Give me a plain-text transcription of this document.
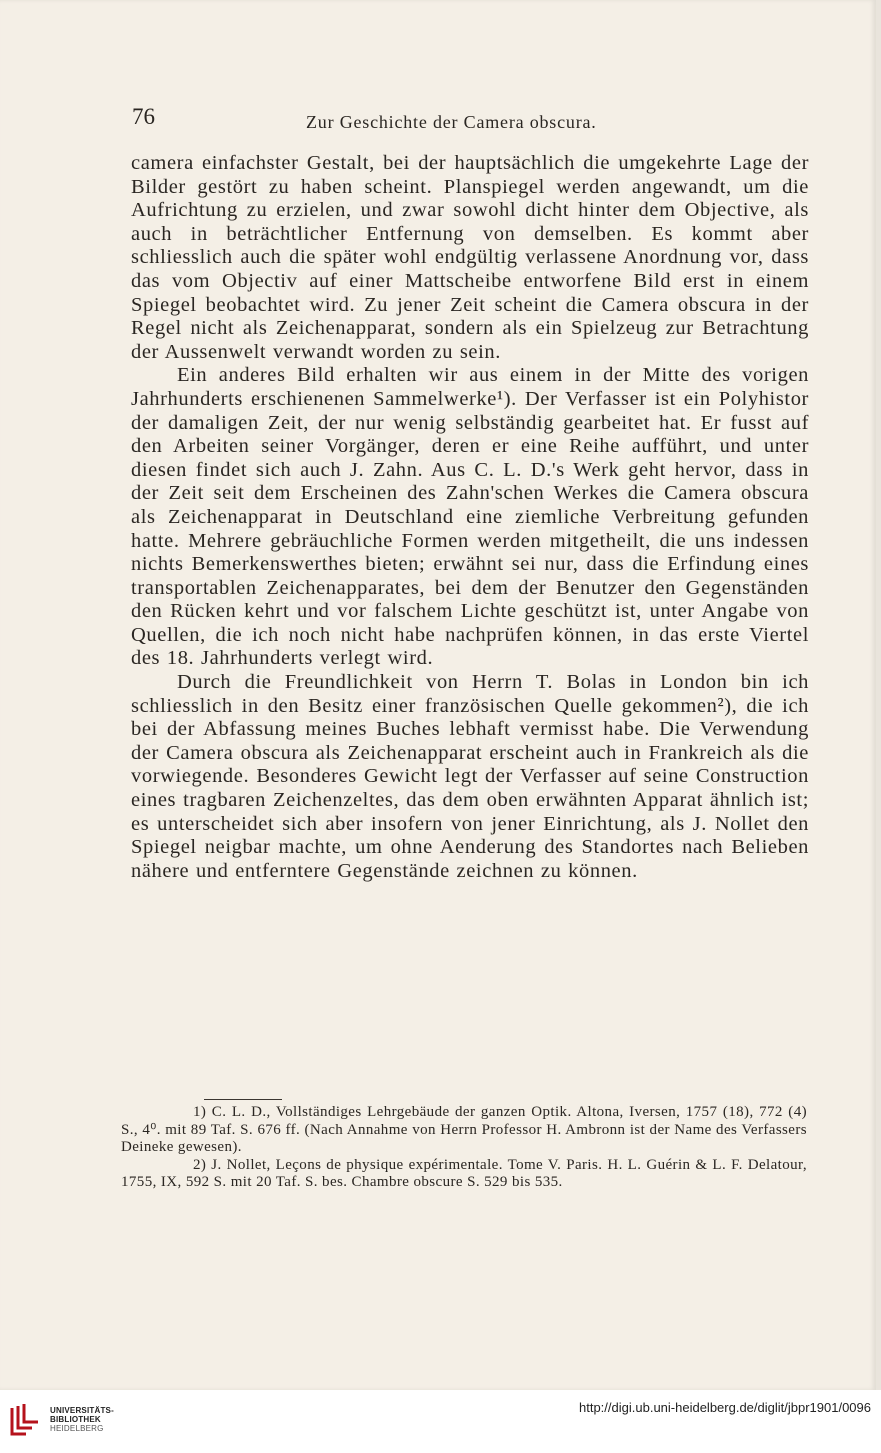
76	Zur Geschichte der Camera obscura.

camera einfachster Gestalt, bei der hauptsächlich die umgekehrte Lage der Bilder gestört zu haben scheint. Planspiegel werden angewandt, um die Aufrichtung zu erzielen, und zwar sowohl dicht hinter dem Objective, als auch in beträchtlicher Entfernung von demselben. Es kommt aber schliesslich auch die später wohl endgültig verlassene Anordnung vor, dass das vom Objectiv auf einer Mattscheibe entworfene Bild erst in einem Spiegel beobachtet wird. Zu jener Zeit scheint die Camera obscura in der Regel nicht als Zeichenapparat, sondern als ein Spielzeug zur Betrachtung der Aussenwelt verwandt worden zu sein.

Ein anderes Bild erhalten wir aus einem in der Mitte des vorigen Jahrhunderts erschienenen Sammelwerke¹). Der Verfasser ist ein Polyhistor der damaligen Zeit, der nur wenig selbständig gearbeitet hat. Er fusst auf den Arbeiten seiner Vorgänger, deren er eine Reihe aufführt, und unter diesen findet sich auch J. Zahn. Aus C. L. D.'s Werk geht hervor, dass in der Zeit seit dem Erscheinen des Zahn'schen Werkes die Camera obscura als Zeichenapparat in Deutschland eine ziemliche Verbreitung gefunden hatte. Mehrere gebräuchliche Formen werden mitgetheilt, die uns indessen nichts Bemerkenswerthes bieten; erwähnt sei nur, dass die Erfindung eines transportablen Zeichenapparates, bei dem der Benutzer den Gegenständen den Rücken kehrt und vor falschem Lichte geschützt ist, unter Angabe von Quellen, die ich noch nicht habe nachprüfen können, in das erste Viertel des 18. Jahrhunderts verlegt wird.

Durch die Freundlichkeit von Herrn T. Bolas in London bin ich schliesslich in den Besitz einer französischen Quelle gekommen²), die ich bei der Abfassung meines Buches lebhaft vermisst habe. Die Verwendung der Camera obscura als Zeichenapparat erscheint auch in Frankreich als die vorwiegende. Besonderes Gewicht legt der Verfasser auf seine Construction eines tragbaren Zeichenzeltes, das dem oben erwähnten Apparat ähnlich ist; es unterscheidet sich aber insofern von jener Einrichtung, als J. Nollet den Spiegel neigbar machte, um ohne Aenderung des Standortes nach Belieben nähere und entferntere Gegenstände zeichnen zu können.

1) C. L. D., Vollständiges Lehrgebäude der ganzen Optik. Altona, Iversen, 1757 (18), 772 (4) S., 4⁰. mit 89 Taf. S. 676 ff. (Nach Annahme von Herrn Professor H. Ambronn ist der Name des Verfassers Deineke gewesen).

2) J. Nollet, Leçons de physique expérimentale. Tome V. Paris. H. L. Guérin & L. F. Delatour, 1755, IX, 592 S. mit 20 Taf. S. bes. Chambre obscure S. 529 bis 535.

UNIVERSITÄTS-
BIBLIOTHEK
HEIDELBERG
http://digi.ub.uni-heidelberg.de/diglit/jbpr1901/0096
